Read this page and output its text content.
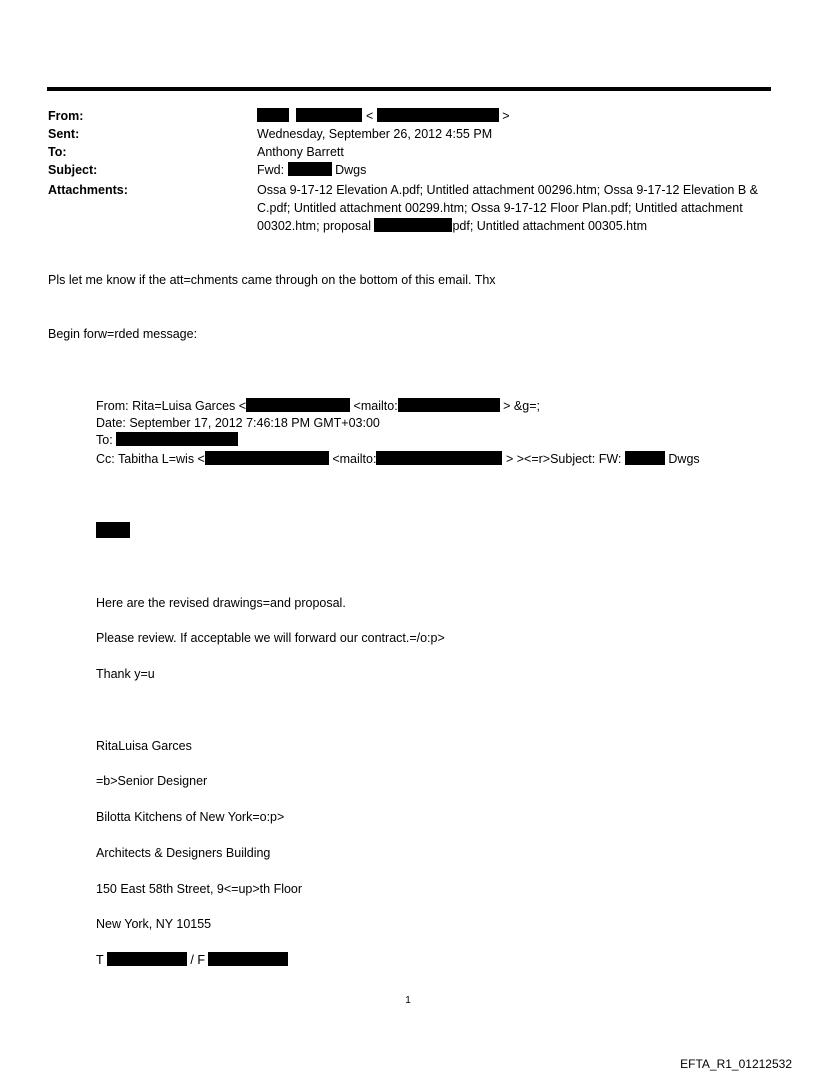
From:	<	>
Sent:	Wednesday, September 26, 2012 4:55 PM
To:	Anthony Barrett
Subject:	Fwd:	Dwgs
Attachments:	Ossa 9-17-12 Elevation A.pdf; Untitled attachment 00296.htm; Ossa 9-17-12 Elevation B & C.pdf; Untitled attachment 00299.htm; Ossa 9-17-12 Floor Plan.pdf; Untitled attachment 00302.htm; proposal	pdf; Untitled attachment 00305.htm
Pls let me know if the att=chments came through on the bottom of this email. Thx
Begin forw=rded message:
From: Rita=Luisa Garces <	<mailto:	> &g=;
Date: September 17, 2012 7:46:18 PM GMT+03:00
To:
Cc: Tabitha L=wis <	<mailto:	> ><=r>Subject: FW:	Dwgs
Here are the revised drawings=and proposal.
Please review. If acceptable we will forward our contract.=/o:p>
Thank y=u
RitaLuisa Garces
=b>Senior Designer
Bilotta Kitchens of New York=o:p>
Architects & Designers Building
150 East 58th Street, 9<=up>th Floor
New York, NY 10155
T	/ F
1
EFTA_R1_01212532
